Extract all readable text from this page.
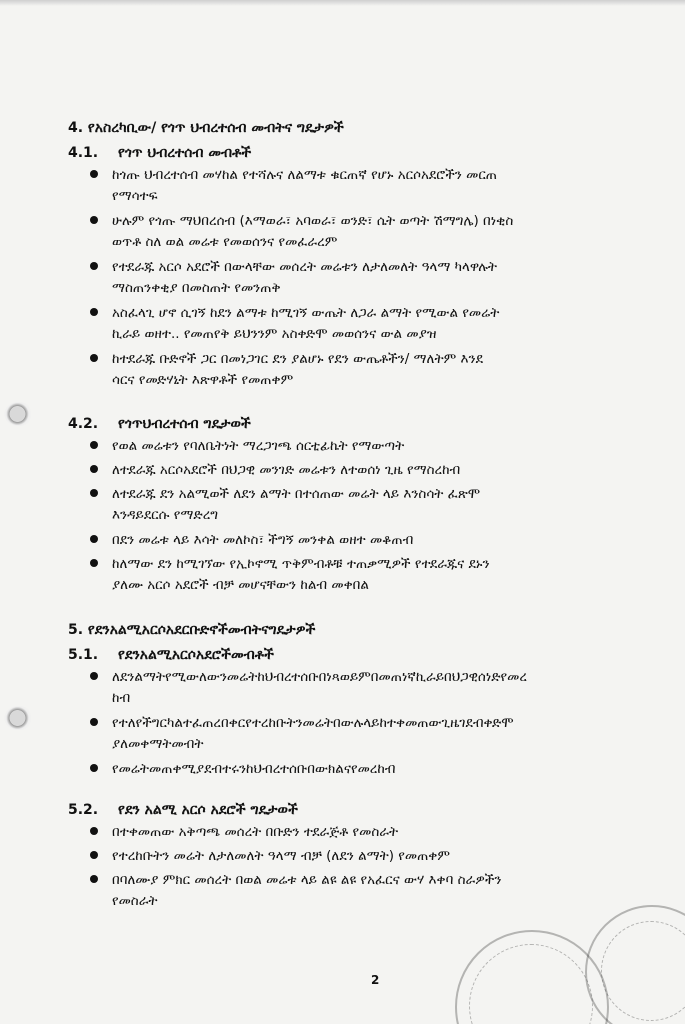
4. የአስረካቢው/ የጎጥ ህብረተሰብ መብትና ግዴታዎች
4.1. የጎጥ ህብረተሰብ መብቶች
ከጎጡ ህብረተሰብ መሃከል የተሻሉና ለልማቱ ቁርጠኛ የሆኑ አርሶአደሮችን መርጠ
የማሳተፍ
ሁሉም የጎጡ ማህበረሰብ (እማወራ፣ አባወራ፣ ወንድ፣ ሴት ወጣት ሽማግሌ) በነቂስ
ወጥቶ ስለ ወል መሬቱ የመወሰንና የመፈራረም
የተደራጁ አርሶ አደሮች በውላቸው መሰረት መሬቱን ለታለመለት ዓላማ ካላዋሉት
ማስጠንቀቂያ በመስጠት የመንጠቅ
አስፈላጊ ሆኖ ሲገኝ ከደን ልማቱ ከሚገኝ ውጤት ለጋራ ልማት የሚውል የመሬት
ኪራይ ወዘተ.. የመጠየቅ ይህንንም አስቀድሞ መወሰንና ውል መያዝ
ከተደራጁ ቡድኖች ጋር በመነጋገር ደን ያልሆኑ የደን ውጤቶችን/ ማለትም እንደ
ሳርና የመድሃኒት እጽዋቶች የመጠቀም
4.2. የጎጥህብረተሰብ ግዴታወች
የወል መሬቱን የባለቤትነት ማረጋገጫ ሰርቲፊኬት የማውጣት
ለተደራጁ አርሶአደሮች በህጋዊ መንገድ መሬቱን ለተወሰነ ጊዜ የማስረከብ
ለተደራጁ ደን አልሚወች ለደን ልማት በተሰጠው መሬት ላይ እንስሳት ፈጽሞ
እንዳይደርሱ የማድረግ
በደን መሬቱ ላይ እሳት መለኮስ፣ ችግኝ መንቀል ወዘተ መቆጠብ
ከለማው ደን ከሚገኘው የኢኮኖሚ ጥቅምብቶቹ ተጠቃሚዎች የተደራጁና ደኑን
ያለሙ አርሶ አደሮች ብቻ መሆናቸውን ከልብ መቀበል
5. የደንአልሚአርሶአደርቡድኖችመብትናግዴታዎች
5.1. የደንአልሚአርሶአደሮችመብቶች
ለደንልማትየሚውለውንመሬትከህብረተሰቡበነጻወይምበመጠነኛኪራይበህጋዊሰነድየመረ
ከብ
የተለየችግርካልተፈጠረበቀርየተረከቡትንመሬትበውሉላይከተቀመጠውጊዜገደብቀድሞ
ያለመቀማትመብት
የመሬትመጠቀሚያደብተሩንከህብረተሰቡበውክልናየመረከብ
5.2. የደን አልሚ አርሶ አደሮች ግዴታወች
በተቀመጠው አቅጣጫ መሰረት በቡድን ተደራጅቶ የመስራት
የተረከቡትን መሬት ለታለመለት ዓላማ ብቻ (ለደን ልማት) የመጠቀም
በባለሙያ ምክር መሰረት በወል መሬቱ ላይ ልዩ ልዩ የአፈርና ውሃ እቀባ ስራዎችን
የመስራት
2
